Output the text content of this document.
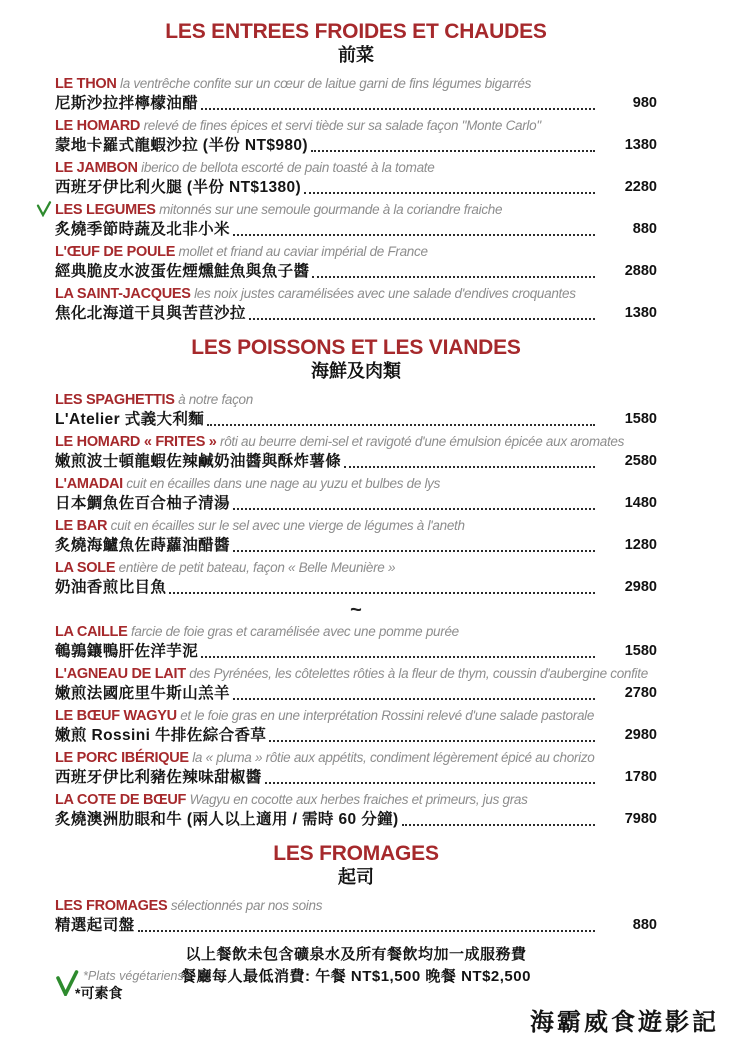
LES ENTREES FROIDES ET CHAUDES
前菜
LE THON la ventrêche confite sur un cœur de laitue garni de fins légumes bigarrés
尼斯沙拉拌檸檬油醋	980
LE HOMARD relevé de fines épices et servi tiède sur sa salade façon "Monte Carlo"
蒙地卡羅式龍蝦沙拉 (半份 NT$980)	1380
LE JAMBON iberico de bellota escorté de pain toasté à la tomate
西班牙伊比利火腿 (半份 NT$1380)	2280
LES LEGUMES mitonnés sur une semoule gourmande à la coriandre fraiche
炙燒季節時蔬及北非小米	880
L'ŒUF DE POULE mollet et friand au caviar impérial de France
經典脆皮水波蛋佐煙燻鮭魚與魚子醬	2880
LA SAINT-JACQUES les noix justes caramélisées avec une salade d'endives croquantes
焦化北海道干貝與苦苣沙拉	1380
LES POISSONS ET LES VIANDES
海鮮及肉類
LES SPAGHETTIS à notre façon
L'Atelier 式義大利麵	1580
LE HOMARD « FRITES » rôti au beurre demi-sel et ravigoté d'une émulsion épicée aux aromates
嫩煎波士頓龍蝦佐辣鹹奶油醬與酥炸薯條	2580
L'AMADAI cuit en écailles dans une nage au yuzu et bulbes de lys
日本鯛魚佐百合柚子清湯	1480
LE BAR cuit en écailles sur le sel avec une vierge de légumes à l'aneth
炙燒海鱸魚佐蒔蘿油醋醬	1280
LA SOLE entière de petit bateau, façon « Belle Meunière »
奶油香煎比目魚	2980
~
LA CAILLE farcie de foie gras et caramélisée avec une pomme purée
鵪鶉鑲鴨肝佐洋芋泥	1580
L'AGNEAU DE LAIT des Pyrénées, les côtelettes rôties à la fleur de thym, coussin d'aubergine confite
嫩煎法國庇里牛斯山羔羊	2780
LE BŒUF WAGYU et le foie gras en une interprétation Rossini relevé d'une salade pastorale
嫩煎 Rossini 牛排佐綜合香草	2980
LE PORC IBÉRIQUE la « pluma » rôtie aux appétits, condiment légèrement épicé au chorizo
西班牙伊比利豬佐辣味甜椒醬	1780
LA COTE DE BŒUF Wagyu en cocotte aux herbes fraiches et primeurs, jus gras
炙燒澳洲肋眼和牛 (兩人以上適用 / 需時 60 分鐘)	7980
LES FROMAGES
起司
LES FROMAGES sélectionnés par nos soins
精選起司盤	880
以上餐飲未包含礦泉水及所有餐飲均加一成服務費
餐廳每人最低消費: 午餐 NT$1,500 晚餐 NT$2,500
*Plats végétariens
*可素食
海霸威食遊影記
